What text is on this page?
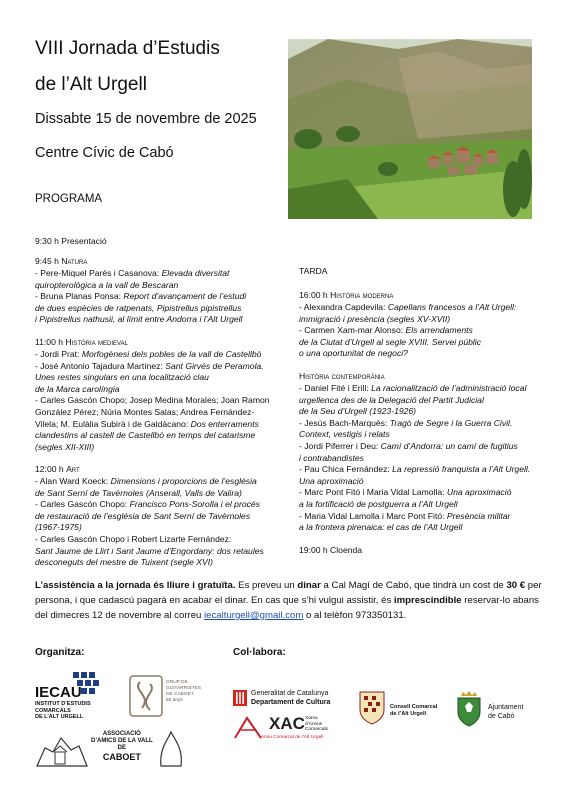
VIII Jornada d’Estudis
de l’Alt Urgell
Dissabte 15 de novembre de 2025
Centre Cívic de Cabó
PROGRAMA
9:30 h Presentació
9:45 h Natura
- Pere-Miquel Parés i Casanova: Elevada diversitat
quiropterològica a la vall de Bescaran
- Bruna Planas Ponsa: Report d’avançament de l’estudi
de dues espècies de ratpenats, Pipistrellus pipistrellus
i Pipistrellus nathusii, al límit entre Andorra i l’Alt Urgell
11:00 h Història medieval
- Jordi Prat: Morfogènesi dels pobles de la vall de Castellbò
- José Antonio Tajadura Martínez: Sant Girvés de Peramola.
Unes restes singulars en una localització clau
de la Marca carolíngia
- Carles Gascón Chopo; Josep Medina Morales; Joan Ramon
González Pérez; Núria Montes Salas; Andrea Fernández-
Vilela; M. Eulàlia Subirà i de Galdàcano: Dos enterraments
clandestins al castell de Castellbò en temps del catarisme
(segles XII-XIII)
12:00 h Art
- Alan Ward Koeck: Dimensions i proporcions de l’església
de Sant Serní de Tavèrnoles (Anserall, Valls de Valira)
- Carles Gascón Chopo: Francisco Pons-Sorolla i el procés
de restauració de l’església de Sant Serní de Tavèrnoles
(1967-1975)
- Carles Gascón Chopo i Robert Lizarte Fernández:
Sant Jaume de Llirt i Sant Jaume d’Engordany: dos retaules
desconeguts del mestre de Tuixent (segle XVI)
TARDA
16:00 h Història moderna
- Alexandra Capdevila: Capellans francesos a l’Alt Urgell:
immigració i presència (segles XV-XVII)
- Carmen Xam-mar Alonso: Els arrendaments
de la Ciutat d’Urgell al segle XVIII. Servei públic
o una oportunitat de negoci?
Història contemporània
- Daniel Fité i Erill: La racionalització de l’administració local
urgellenca des de la Delegació del Partit Judicial
de la Seu d’Urgell (1923-1926)
- Jesús Bach-Marquès: Tragò de Segre i la Guerra Civil.
Context, vestigis i relats
- Jordi Piferrer i Deu: Camí d’Andorra: un camí de fugitius
i contrabandistes
- Pau Chica Fernández: La repressió franquista a l’Alt Urgell.
Una aproximació
- Marc Pont Fitó i Maria Vidal Lamolla: Una aproximació
a la fortificació de postguerra a l’Alt Urgell
- Maria Vidal Lamolla i Marc Pont Fitó: Presència militar
a la frontera pirenaica: el cas de l’Alt Urgell
19:00 h Cloenda
L’assistència a la jornada és lliure i gratuïta. Es preveu un dinar a Cal Magí de Cabó, que tindrà un cost de 30 € per
persona, i que cadascú pagarà en acabar el dinar. En cas que s’hi vulgui assistir, és imprescindible reservar-lo abans
del dimecres 12 de novembre al correu iecalturgell@gmail.com o al telèfon 973350131.
Organitza:	Col·labora:
IECAU
INSTITUT D’ESTUDIS
COMARCALS
DE L’ALT URGELL
GRUP DE
GUITARRISTES
DE CABOET
50 anys
ASSOCIACIÓ
D’AMICS DE LA VALL
DE
CABOET
Generalitat de Catalunya
Departament de Cultura
XAC Xarxa
d’Arxius
Comarcals
Arxiu Comarcal de l’Alt Urgell
Consell Comarcal
de l’Alt Urgell
Ajuntament
de Cabó
